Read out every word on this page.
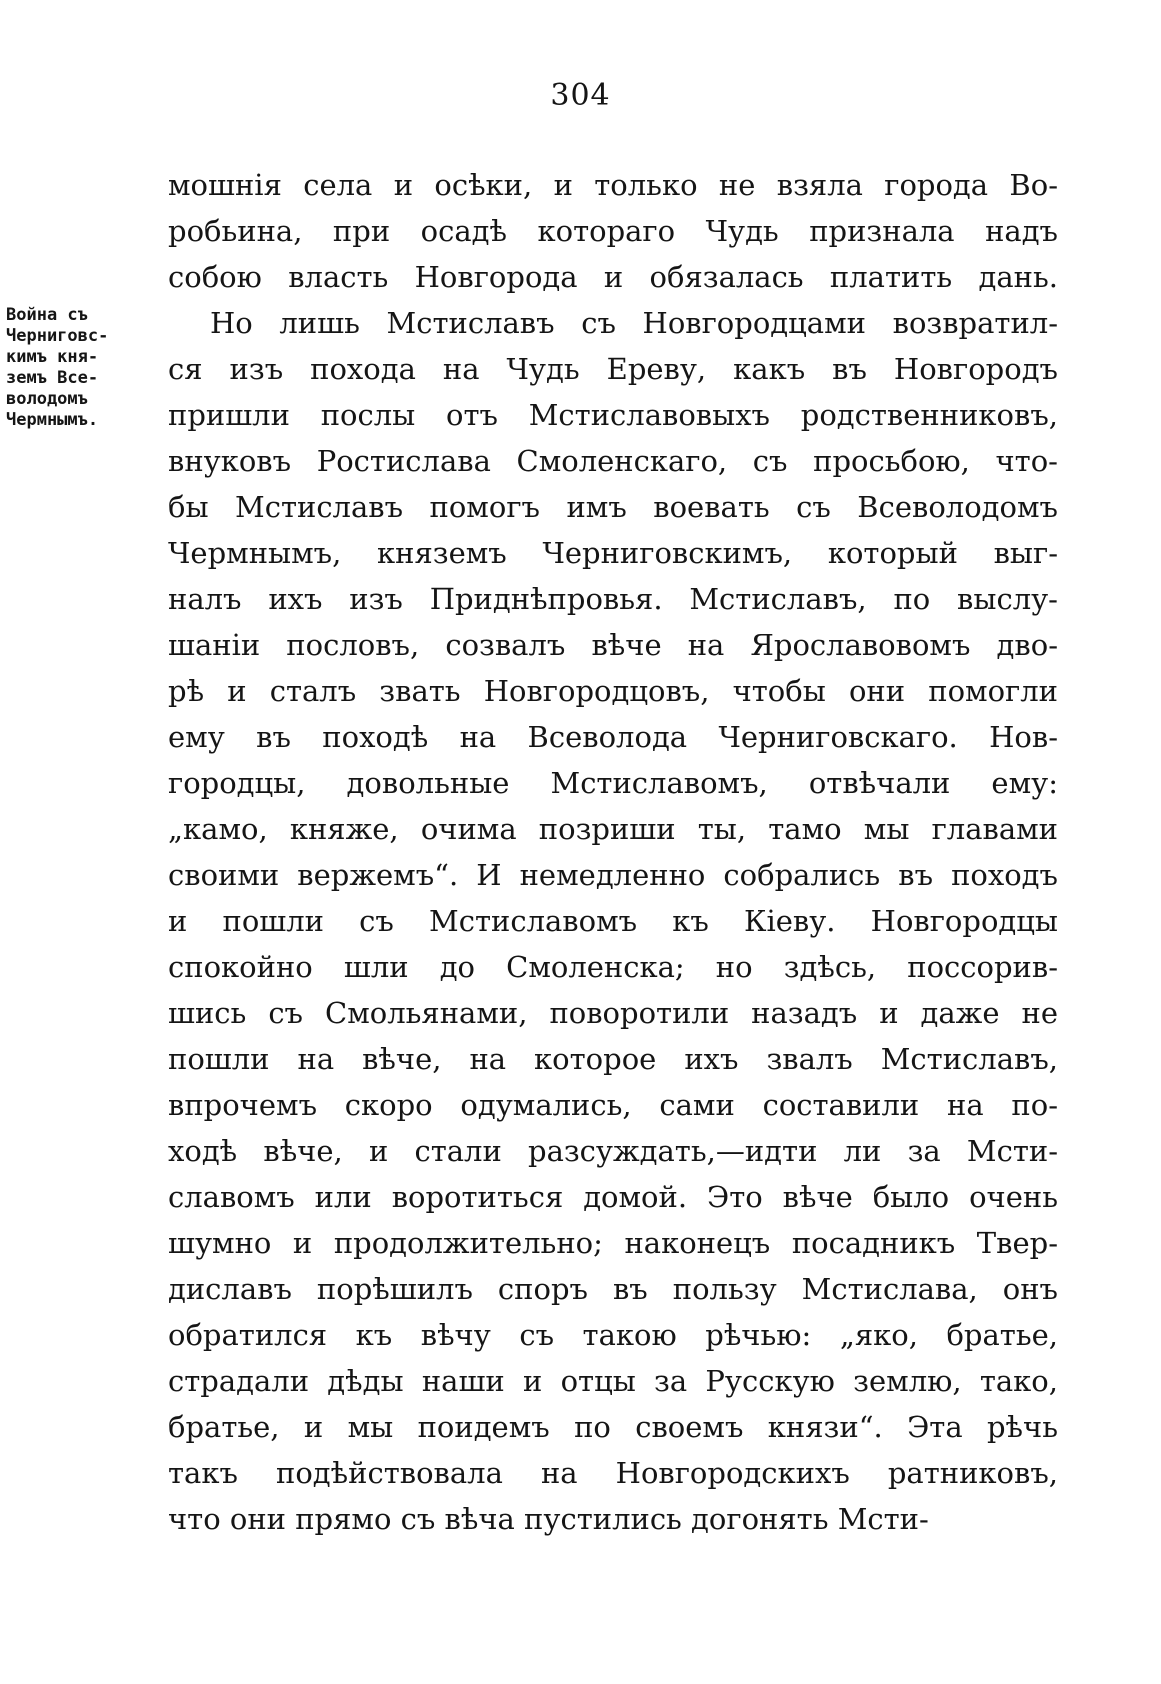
304
Война съ
Черниговс-
кимъ кня-
земъ Все-
володомъ
Чермнымъ.
мошнія села и осѣки, и только не взяла города Во-
робьина, при осадѣ котораго Чудь признала надъ
собою власть Новгорода и обязалась платить дань.
Но лишь Мстиславъ съ Новгородцами возвратил-
ся изъ похода на Чудь Ереву, какъ въ Новгородъ
пришли послы отъ Мстиславовыхъ родственниковъ,
внуковъ Ростислава Смоленскаго, съ просьбою, что-
бы Мстиславъ помогъ имъ воевать съ Всеволодомъ
Чермнымъ, княземъ Черниговскимъ, который выг-
налъ ихъ изъ Приднѣпровья. Мстиславъ, по выслу-
шаніи пословъ, созвалъ вѣче на Ярославовомъ дво-
рѣ и сталъ звать Новгородцовъ, чтобы они помогли
ему въ походѣ на Всеволода Черниговскаго. Нов-
городцы, довольные Мстиславомъ, отвѣчали ему:
„камо, княже, очима позриши ты, тамо мы главами
своими вержемъ“. И немедленно собрались въ походъ
и пошли съ Мстиславомъ къ Кіеву. Новгородцы
спокойно шли до Смоленска; но здѣсь, поссорив-
шись съ Смольянами, поворотили назадъ и даже не
пошли на вѣче, на которое ихъ звалъ Мстиславъ,
впрочемъ скоро одумались, сами составили на по-
ходѣ вѣче, и стали разсуждать,—идти ли за Мсти-
славомъ или воротиться домой. Это вѣче было очень
шумно и продолжительно; наконецъ посадникъ Твер-
диславъ порѣшилъ споръ въ пользу Мстислава, онъ
обратился къ вѣчу съ такою рѣчью: „яко, братье,
страдали дѣды наши и отцы за Русскую землю, тако,
братье, и мы поидемъ по своемъ князи“. Эта рѣчь
такъ подѣйствовала на Новгородскихъ ратниковъ,
что они прямо съ вѣча пустились догонять Мсти-
